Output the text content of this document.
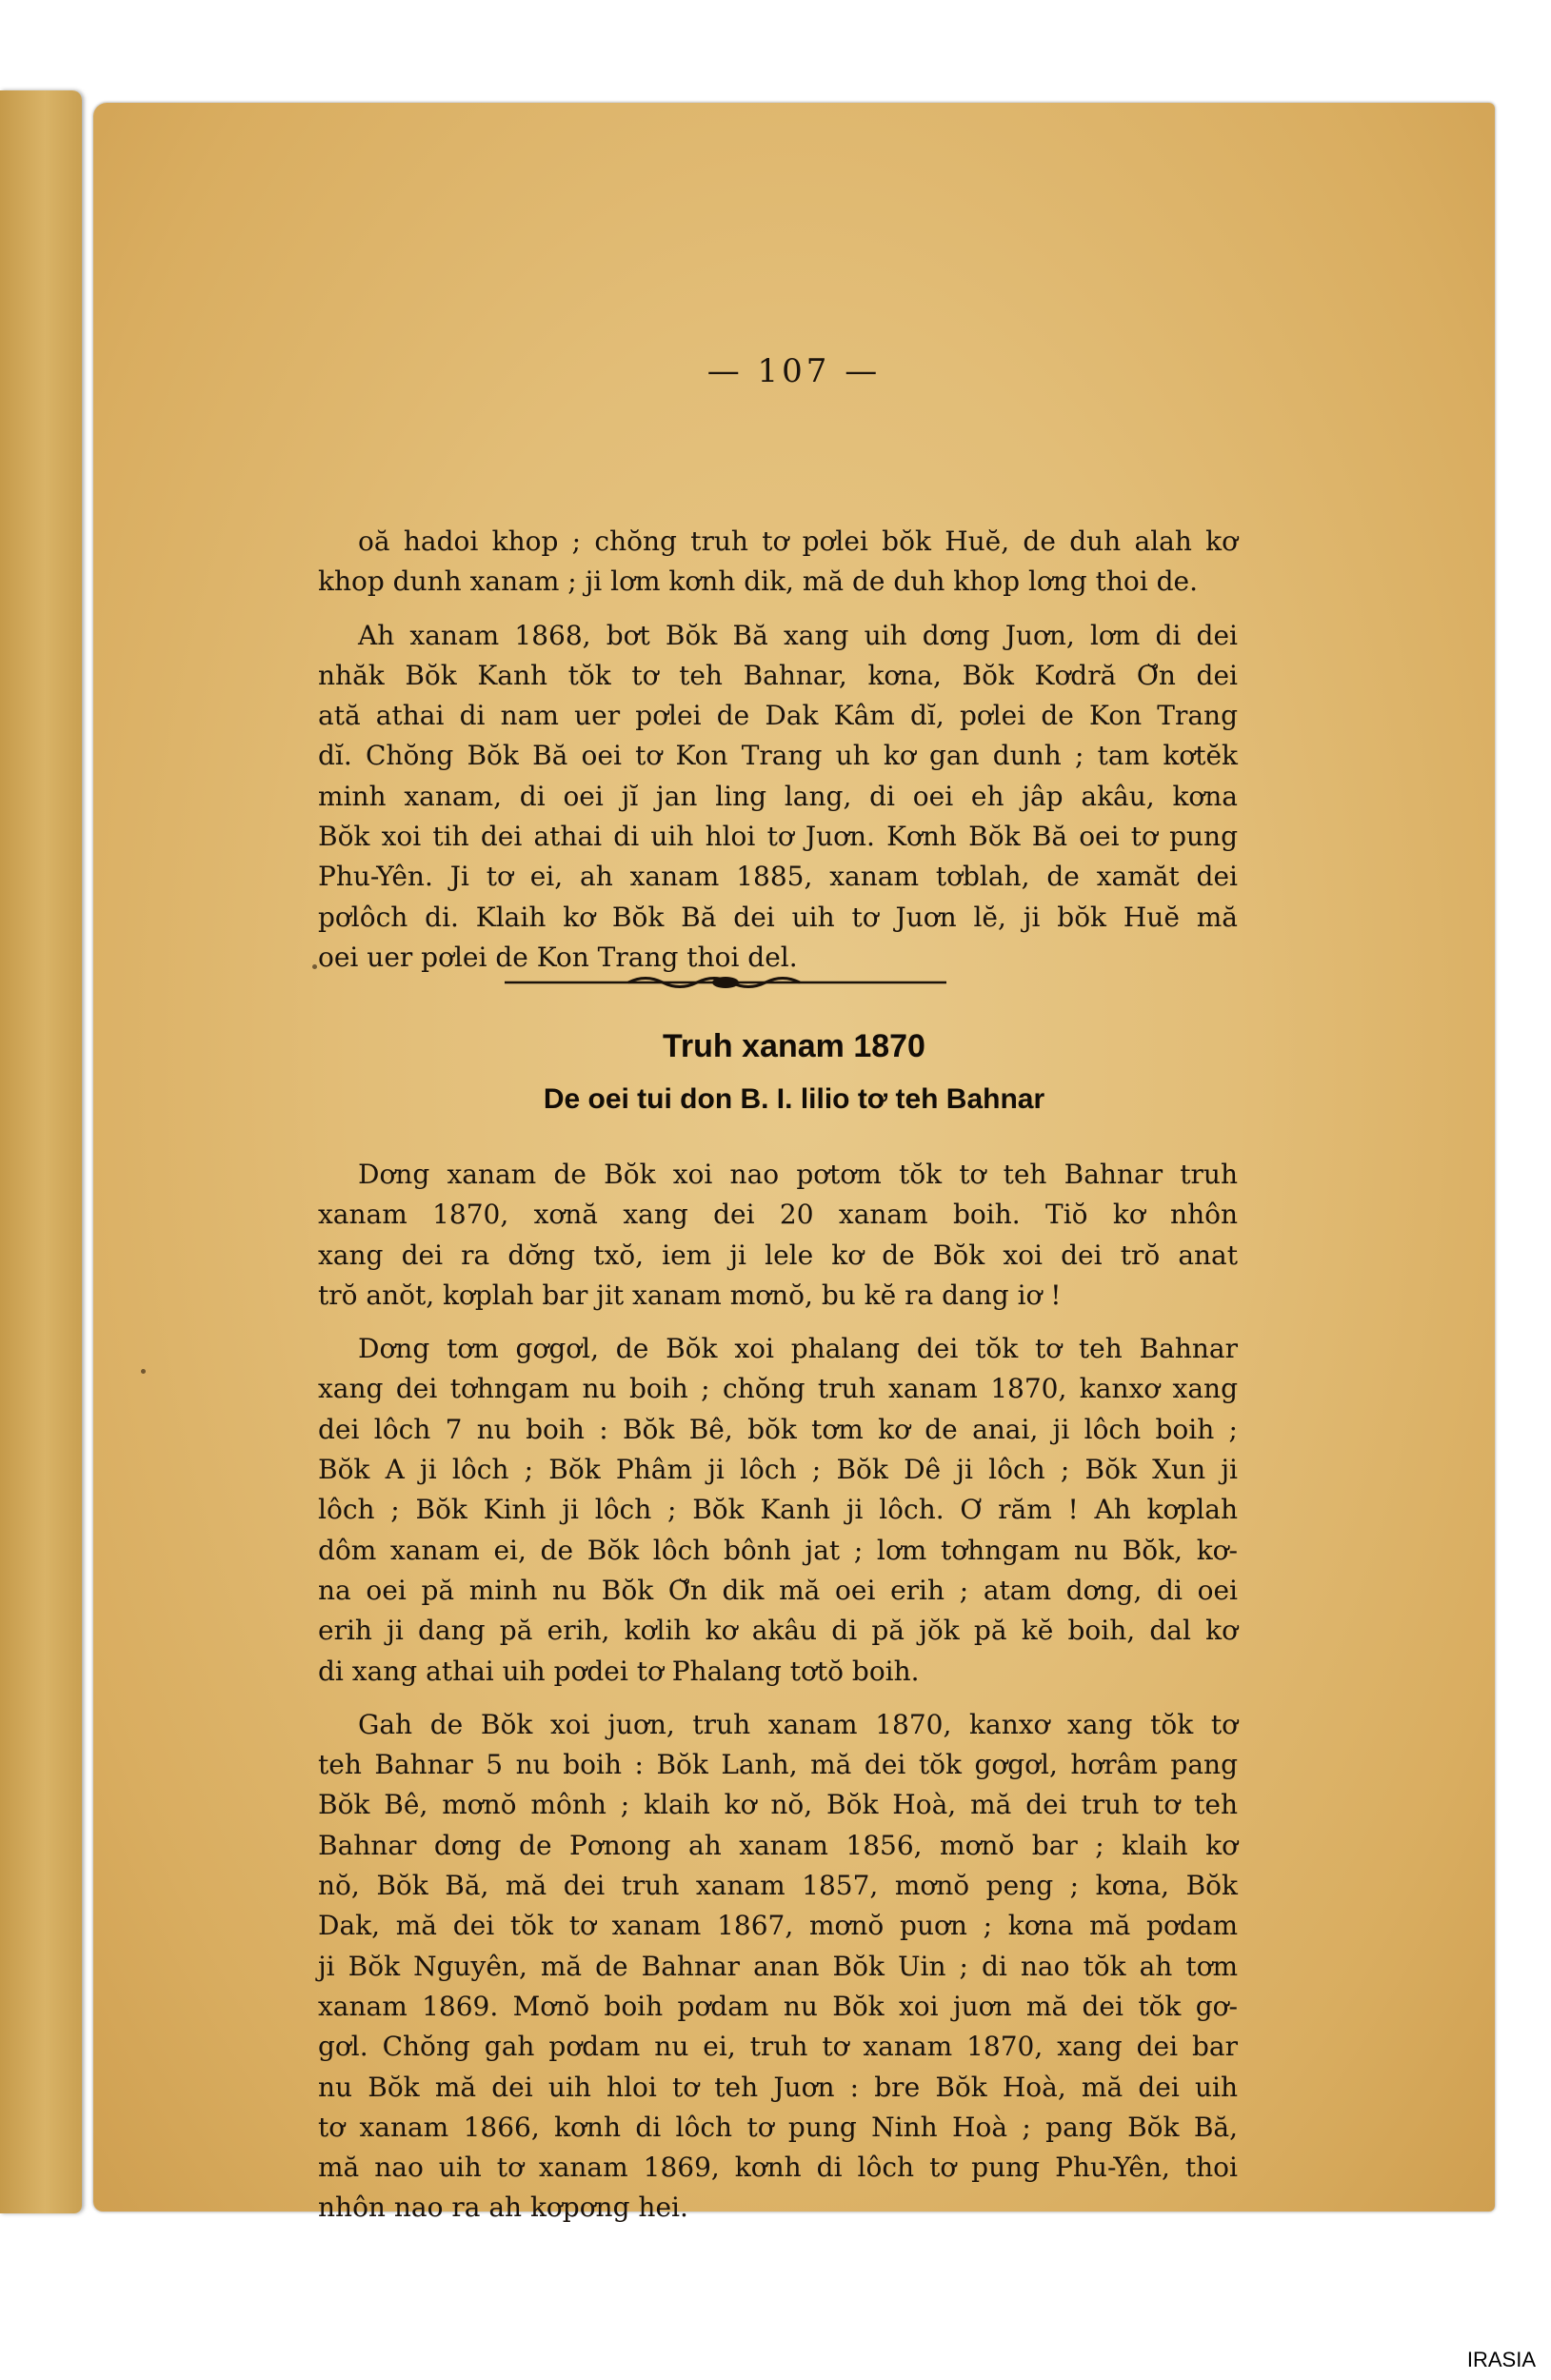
— 107 —

oă hadoi khop ; chŏng truh tơ pơlei bŏk Huĕ, de duh alah kơ
khop dunh xanam ; ji lơm kơnh dik, mă de duh khop lơng thoi de.

Ah xanam 1868, bơt Bŏk Bă xang uih dơng Juơn, lơm di dei
nhăk Bŏk Kanh tŏk tơ teh Bahnar, kơna, Bŏk Kơdră Ơ̆n dei
ată athai di nam uer pơlei de Dak Kâm dĭ, pơlei de Kon Trang
dĭ. Chŏng Bŏk Bă oei tơ Kon Trang uh kơ gan dunh ; tam kơtĕk
minh xanam, di oei jĭ jan ling lang, di oei eh jâp akâu, kơna
Bŏk xoi tih dei athai di uih hloi tơ Juơn. Kơnh Bŏk Bă oei tơ pung
Phu-Yên. Ji tơ ei, ah xanam 1885, xanam tơblah, de xamăt dei
pơlôch di. Klaih kơ Bŏk Bă dei uih tơ Juơn lĕ, ji bŏk Huĕ mă
oei uer pơlei de Kon Trang thoi del.

Truh xanam 1870
De oei tui don B. I. lilio tơ teh Bahnar

Dơng xanam de Bŏk xoi nao pơtơm tŏk tơ teh Bahnar truh
xanam 1870, xơnă xang dei 20 xanam boih. Tiŏ kơ nhôn
xang dei ra dơ̆ng txŏ, iem ji lele kơ de Bŏk xoi dei trŏ anat
trŏ anŏt, kơplah bar jit xanam mơnŏ, bu kĕ ra dang iơ !

Dơng tơm gơgơl, de Bŏk xoi phalang dei tŏk tơ teh Bahnar
xang dei tơhngam nu boih ; chŏng truh xanam 1870, kanxơ xang
dei lôch 7 nu boih : Bŏk Bê, bŏk tơm kơ de anai, ji lôch boih ;
Bŏk A ji lôch ; Bŏk Phâm ji lôch ; Bŏk Dê ji lôch ; Bŏk Xun ji
lôch ; Bŏk Kinh ji lôch ; Bŏk Kanh ji lôch. Ơ răm ! Ah kơplah
dôm xanam ei, de Bŏk lôch bônh jat ; lơm tơhngam nu Bŏk, kơ-
na oei pă minh nu Bŏk Ơ̆n dik mă oei erih ; atam dơng, di oei
erih ji dang pă erih, kơlih kơ akâu di pă jŏk pă kĕ boih, dal kơ
di xang athai uih pơdei tơ Phalang tơtŏ boih.

Gah de Bŏk xoi juơn, truh xanam 1870, kanxơ xang tŏk tơ
teh Bahnar 5 nu boih : Bŏk Lanh, mă dei tŏk gơgơl, hơrâm pang
Bŏk Bê, mơnŏ mônh ; klaih kơ nŏ, Bŏk Hoà, mă dei truh tơ teh
Bahnar dơng de Pơnong ah xanam 1856, mơnŏ bar ; klaih kơ
nŏ, Bŏk Bă, mă dei truh xanam 1857, mơnŏ peng ; kơna, Bŏk
Dak, mă dei tŏk tơ xanam 1867, mơnŏ puơn ; kơna mă pơdam
ji Bŏk Nguyên, mă de Bahnar anan Bŏk Uin ; di nao tŏk ah tơm
xanam 1869. Mơnŏ boih pơdam nu Bŏk xoi juơn mă dei tŏk gơ-
gơl. Chŏng gah pơdam nu ei, truh tơ xanam 1870, xang dei bar
nu Bŏk mă dei uih hloi tơ teh Juơn : bre Bŏk Hoà, mă dei uih
tơ xanam 1866, kơnh di lôch tơ pung Ninh Hoà ; pang Bŏk Bă,
mă nao uih tơ xanam 1869, kơnh di lôch tơ pung Phu-Yên, thoi
nhôn nao ra ah kơpơng hei.

IRASIA
